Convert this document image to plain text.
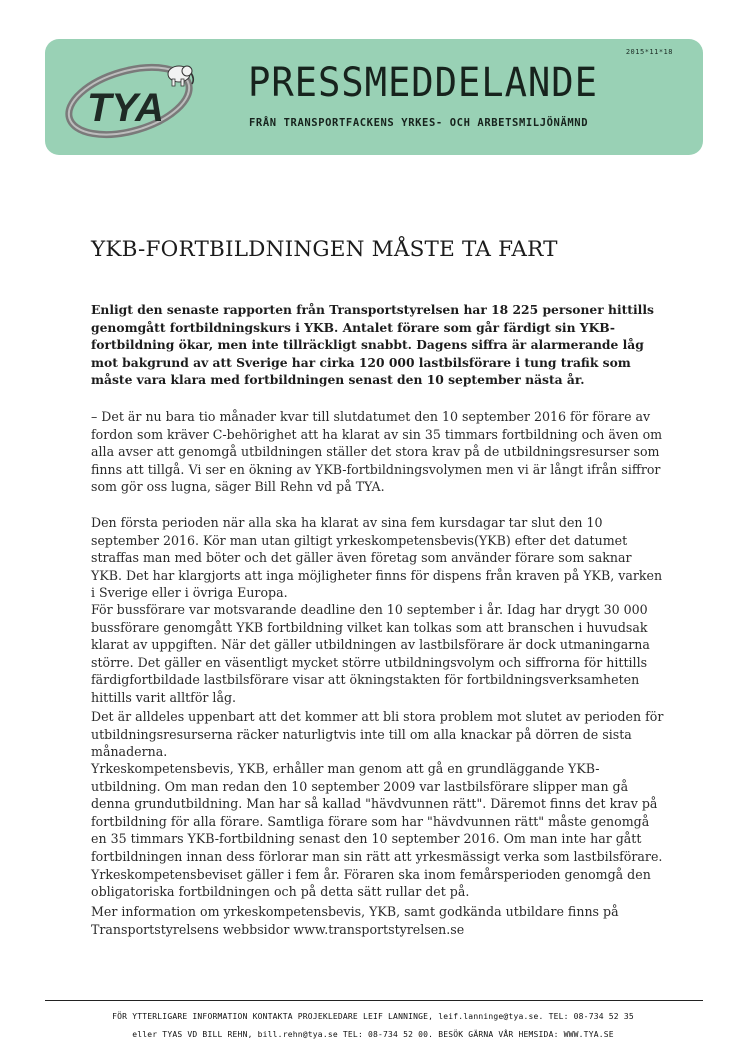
TYA
2015*11*18
PRESSMEDDELANDE
FRÅN TRANSPORTFACKENS YRKES- OCH ARBETSMILJÖNÄMND
YKB-FORTBILDNINGEN MÅSTE TA FART

Enligt den senaste rapporten från Transportstyrelsen har 18 225 personer hittills genomgått fortbildningskurs i YKB. Antalet förare som går färdigt sin YKB-fortbildning ökar, men inte tillräckligt snabbt. Dagens siffra är alarmerande låg mot bakgrund av att Sverige har cirka 120 000 lastbilsförare i tung trafik som måste vara klara med fortbildningen senast den 10 september nästa år.

– Det är nu bara tio månader kvar till slutdatumet den 10 september 2016 för förare av fordon som kräver C-behörighet att ha klarat av sin 35 timmars fortbildning och även om alla avser att genomgå utbildningen ställer det stora krav på de utbildningsresurser som finns att tillgå. Vi ser en ökning av YKB-fortbildningsvolymen men vi är långt ifrån siffror som gör oss lugna, säger Bill Rehn vd på TYA.

Den första perioden när alla ska ha klarat av sina fem kursdagar tar slut den 10 september 2016. Kör man utan giltigt yrkeskompetensbevis(YKB) efter det datumet straffas man med böter och det gäller även företag som använder förare som saknar YKB. Det har klargjorts att inga möjligheter finns för dispens från kraven på YKB, varken i Sverige eller i övriga Europa.

För bussförare var motsvarande deadline den 10 september i år. Idag har drygt 30 000 bussförare genomgått YKB fortbildning vilket kan tolkas som att branschen i huvudsak klarat av uppgiften. När det gäller utbildningen av lastbilsförare är dock utmaningarna större. Det gäller en väsentligt mycket större utbildningsvolym och siffrorna för hittills färdigfortbildade lastbilsförare visar att ökningstakten för fortbildningsverksamheten hittills varit alltför låg.

Det är alldeles uppenbart att det kommer att bli stora problem mot slutet av perioden för utbildningsresurserna räcker naturligtvis inte till om alla knackar på dörren de sista månaderna.

Yrkeskompetensbevis, YKB, erhåller man genom att gå en grundläggande YKB-utbildning. Om man redan den 10 september 2009 var lastbilsförare slipper man gå denna grundutbildning. Man har så kallad "hävdvunnen rätt". Däremot finns det krav på fortbildning för alla förare. Samtliga förare som har "hävdvunnen rätt" måste genomgå en 35 timmars YKB-fortbildning senast den 10 september 2016. Om man inte har gått fortbildningen innan dess förlorar man sin rätt att yrkesmässigt verka som lastbilsförare. Yrkeskompetensbeviset gäller i fem år. Föraren ska inom femårsperioden genomgå den obligatoriska fortbildningen och på detta sätt rullar det på.

Mer information om yrkeskompetensbevis, YKB, samt godkända utbildare finns på Transportstyrelsens webbsidor www.transportstyrelsen.se

FÖR YTTERLIGARE INFORMATION KONTAKTA PROJEKLEDARE LEIF LANNINGE, leif.lanninge@tya.se. TEL: 08-734 52 35
eller TYAS VD BILL REHN, bill.rehn@tya.se TEL: 08-734 52 00. BESÖK GÄRNA VÅR HEMSIDA: WWW.TYA.SE
